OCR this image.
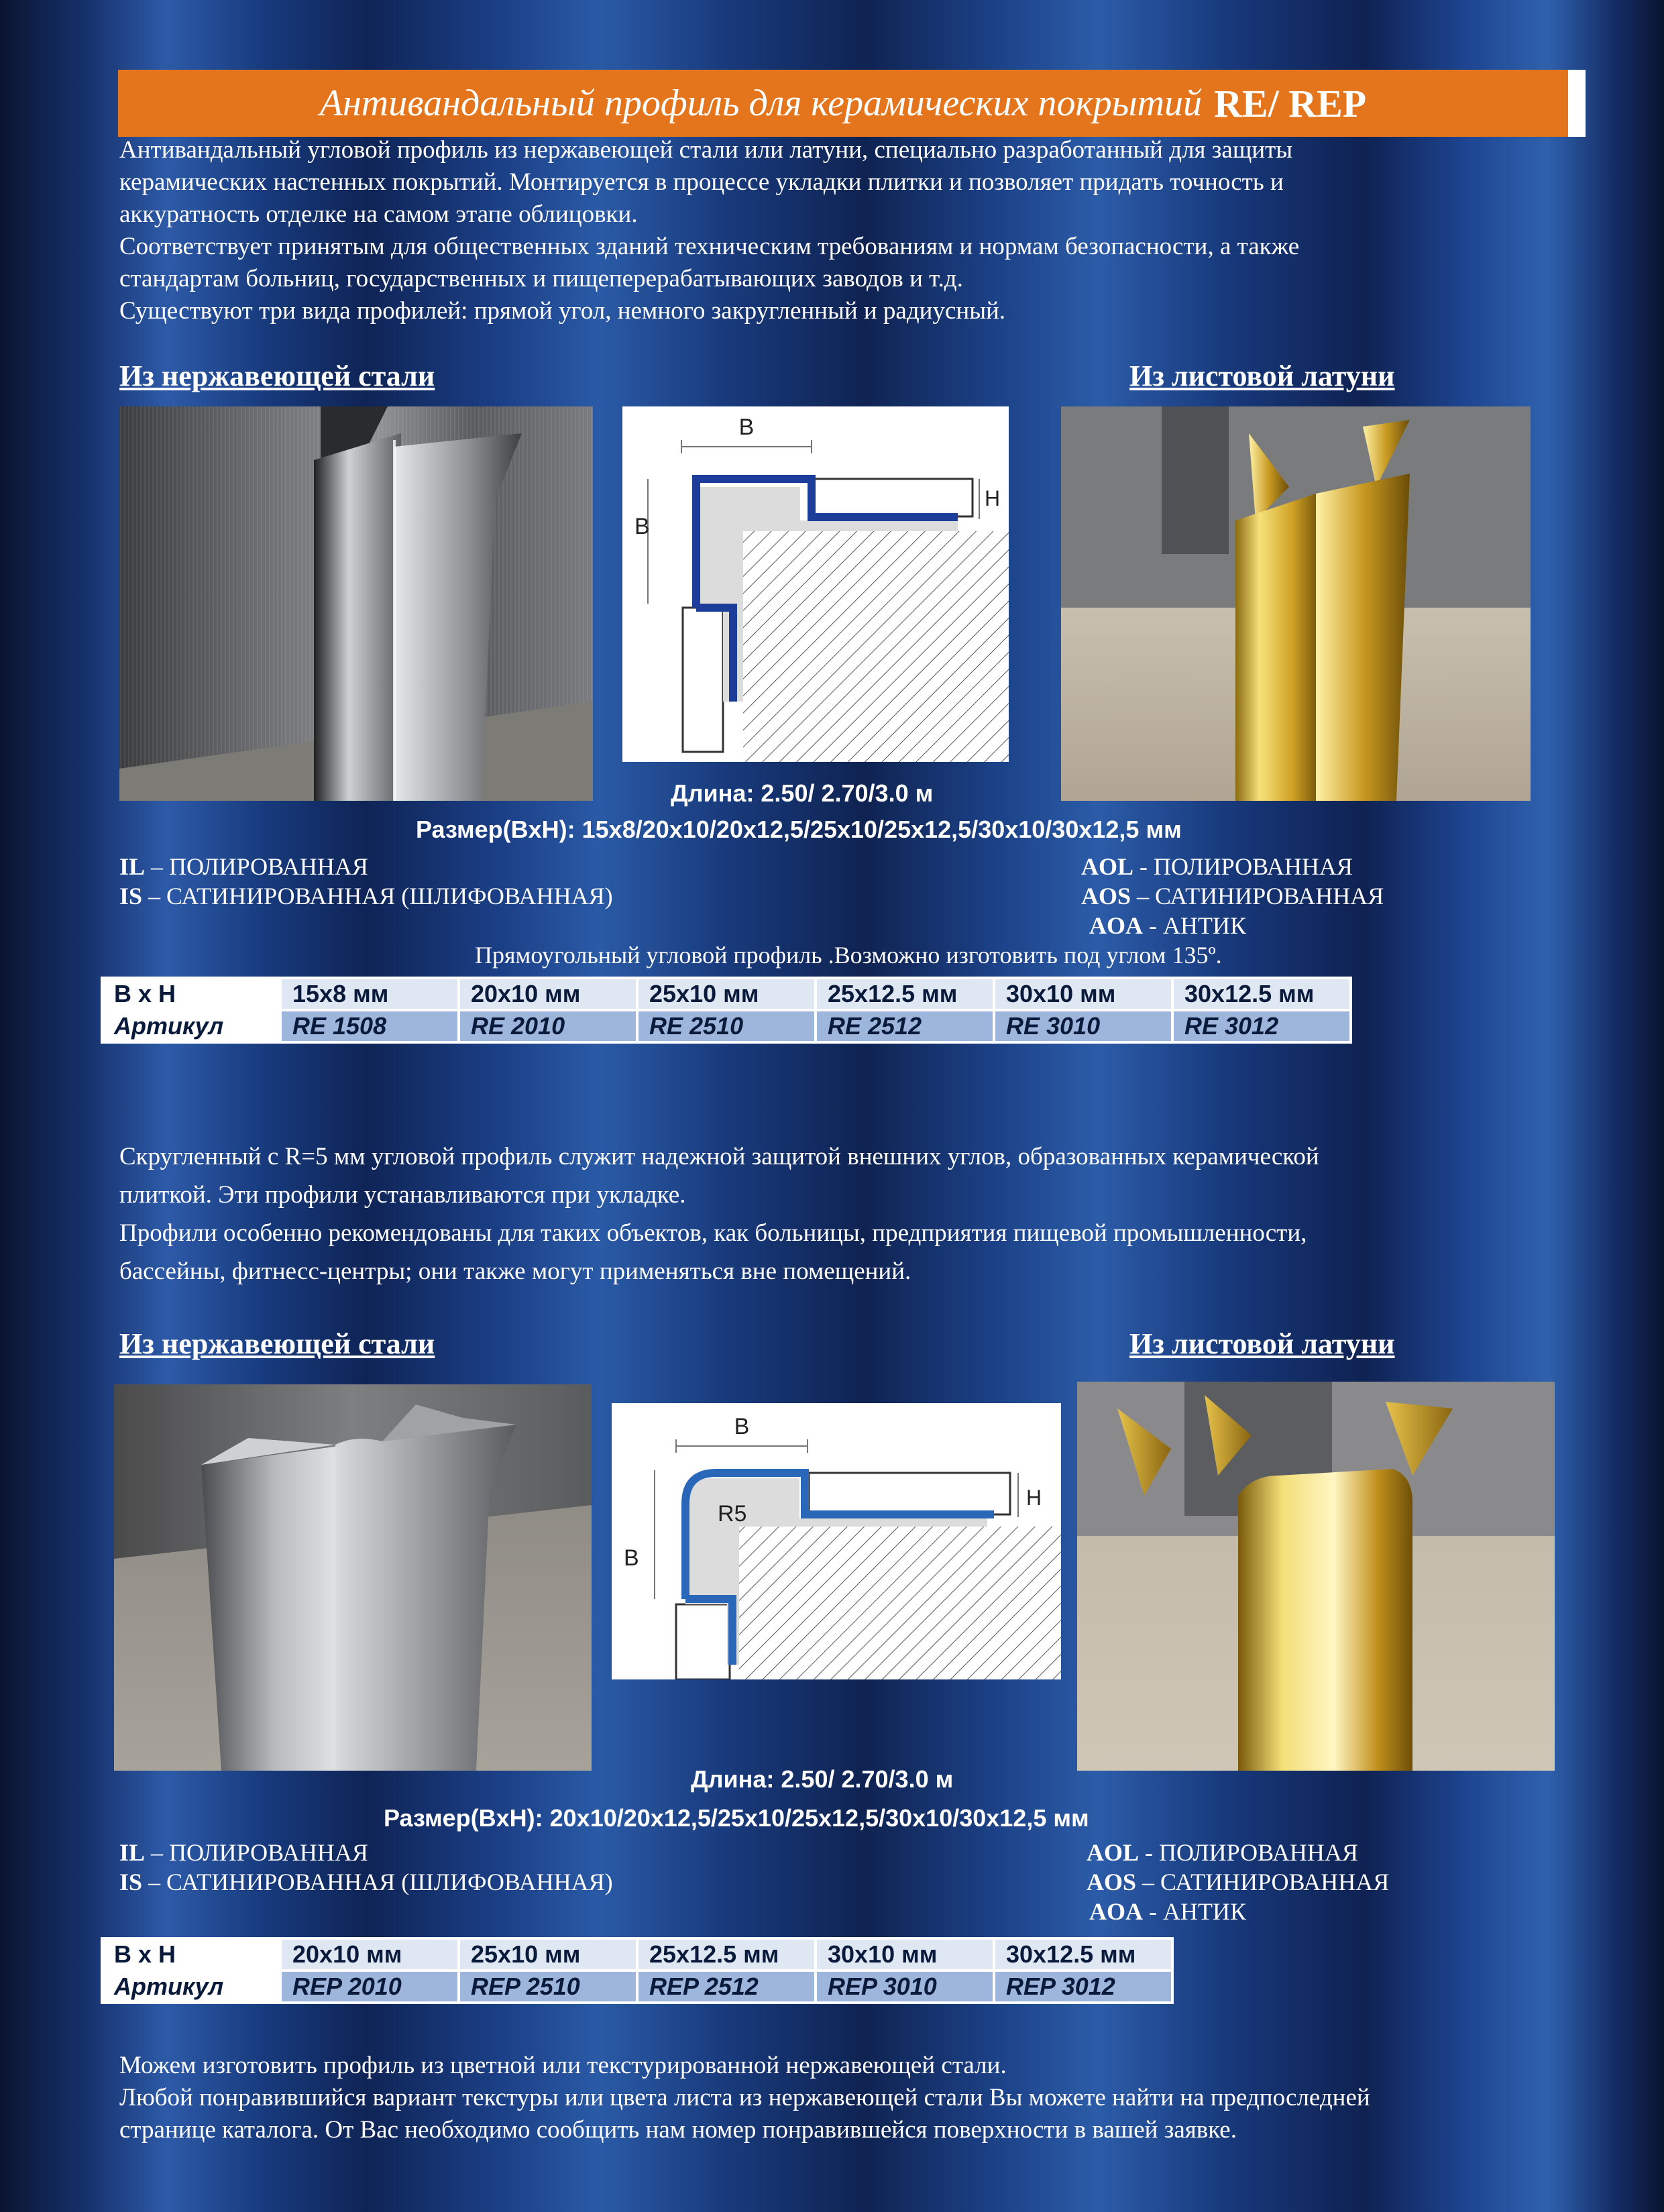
Антивандальный профиль для керамических покрытий RE/ REP

Антивандальный угловой профиль из нержавеющей стали или латуни, специально разработанный для защиты

керамических настенных покрытий. Монтируется в процессе укладки плитки и позволяет придать точность и

аккуратность отделке на самом этапе облицовки.

Соответствует принятым для общественных зданий техническим требованиям и нормам безопасности, а также

стандартам больниц, государственных и пищеперерабатывающих заводов и т.д.

Существуют три вида профилей: прямой угол, немного закругленный и радиусный.

Из нержавеющей стали	Из листовой латуни
B
B
H
Длина: 2.50/ 2.70/3.0 м
Размер(BxH): 15x8/20x10/20x12,5/25x10/25x12,5/30x10/30x12,5 мм
IL – ПОЛИРОВАННАЯ
IS – САТИНИРОВАННАЯ (ШЛИФОВАННАЯ)
AOL - ПОЛИРОВАННАЯ
AOS – САТИНИРОВАННАЯ
AOA - АНТИК
Прямоугольный угловой профиль .Возможно изготовить под углом 135º.
B x H	15x8 мм	20x10 мм	25x10 мм	25x12.5 мм	30x10 мм	30x12.5 мм
Артикул	RE 1508	RE 2010	RE 2510	RE 2512	RE 3010	RE 3012

Скругленный с R=5 мм угловой профиль служит надежной защитой внешних углов, образованных керамической

плиткой. Эти профили устанавливаются при укладке.

Профили особенно рекомендованы для таких объектов, как больницы, предприятия пищевой промышленности,

бассейны, фитнесс-центры; они также могут применяться вне помещений.

Из нержавеющей стали	Из листовой латуни
B
B
H
R5
Длина: 2.50/ 2.70/3.0 м
Размер(BxH): 20x10/20x12,5/25x10/25x12,5/30x10/30x12,5 мм
IL – ПОЛИРОВАННАЯ
IS – САТИНИРОВАННАЯ (ШЛИФОВАННАЯ)
AOL - ПОЛИРОВАННАЯ
AOS – САТИНИРОВАННАЯ
AOA - АНТИК
B x H	20x10 мм	25x10 мм	25x12.5 мм	30x10 мм	30x12.5 мм
Артикул	REP 2010	REP 2510	REP 2512	REP 3010	REP 3012

Можем изготовить профиль из цветной или текстурированной нержавеющей стали.

Любой понравившийся вариант текстуры или цвета листа из нержавеющей стали Вы можете найти на предпоследней

странице каталога. От Вас необходимо сообщить нам номер понравившейся поверхности в вашей заявке.
